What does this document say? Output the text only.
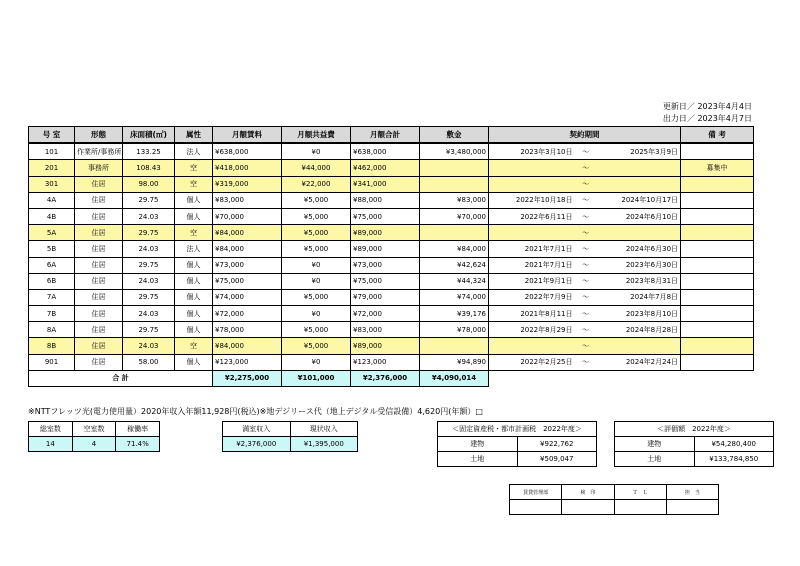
更新日／ 2023年4月4日
出力日／ 2023年4月7日
号 室	形態	床面積(㎡)	属性	月額賃料	月額共益費	月額合計	敷金	契約期間			備 考
101	作業所/事務所	133.25	法人	¥638,000	¥0	¥638,000	¥3,480,000	2023年3月10日	～	2025年3月9日	
201	事務所	108.43	空	¥418,000	¥44,000	¥462,000			～		募集中
301	住居	98.00	空	¥319,000	¥22,000	¥341,000			～		
4A	住居	29.75	個人	¥83,000	¥5,000	¥88,000	¥83,000	2022年10月18日	～	2024年10月17日	
4B	住居	24.03	個人	¥70,000	¥5,000	¥75,000	¥70,000	2022年6月11日	～	2024年6月10日	
5A	住居	29.75	空	¥84,000	¥5,000	¥89,000			～		
5B	住居	24.03	法人	¥84,000	¥5,000	¥89,000	¥84,000	2021年7月1日	～	2024年6月30日	
6A	住居	29.75	個人	¥73,000	¥0	¥73,000	¥42,624	2021年7月1日	～	2023年6月30日	
6B	住居	24.03	個人	¥75,000	¥0	¥75,000	¥44,324	2021年9月1日	～	2023年8月31日	
7A	住居	29.75	個人	¥74,000	¥5,000	¥79,000	¥74,000	2022年7月9日	～	2024年7月8日	
7B	住居	24.03	個人	¥72,000	¥0	¥72,000	¥39,176	2021年8月11日	～	2023年8月10日	
8A	住居	29.75	個人	¥78,000	¥5,000	¥83,000	¥78,000	2022年8月29日	～	2024年8月28日	
8B	住居	24.03	空	¥84,000	¥5,000	¥89,000			～		
901	住居	58.00	個人	¥123,000	¥0	¥123,000	¥94,890	2022年2月25日	～	2024年2月24日	
合 計				¥2,275,000	¥101,000	¥2,376,000	¥4,090,014				
※NTTフレッツ光(電力使用量）2020年収入年額11,928円(税込)※地デジリース代（地上デジタル受信設備）4,620円(年額）□
総室数	空室数	稼働率
14	4	71.4%
満室収入	現状収入
¥2,376,000	¥1,395,000
＜固定資産税・都市計画税　2022年度＞	
建物	¥922,762
土地	¥509,047
＜評価額　2022年度＞	
建物	¥54,280,400
土地	¥133,784,850
賃貸管理部	検　印	Ｔ　Ｌ	担　当
